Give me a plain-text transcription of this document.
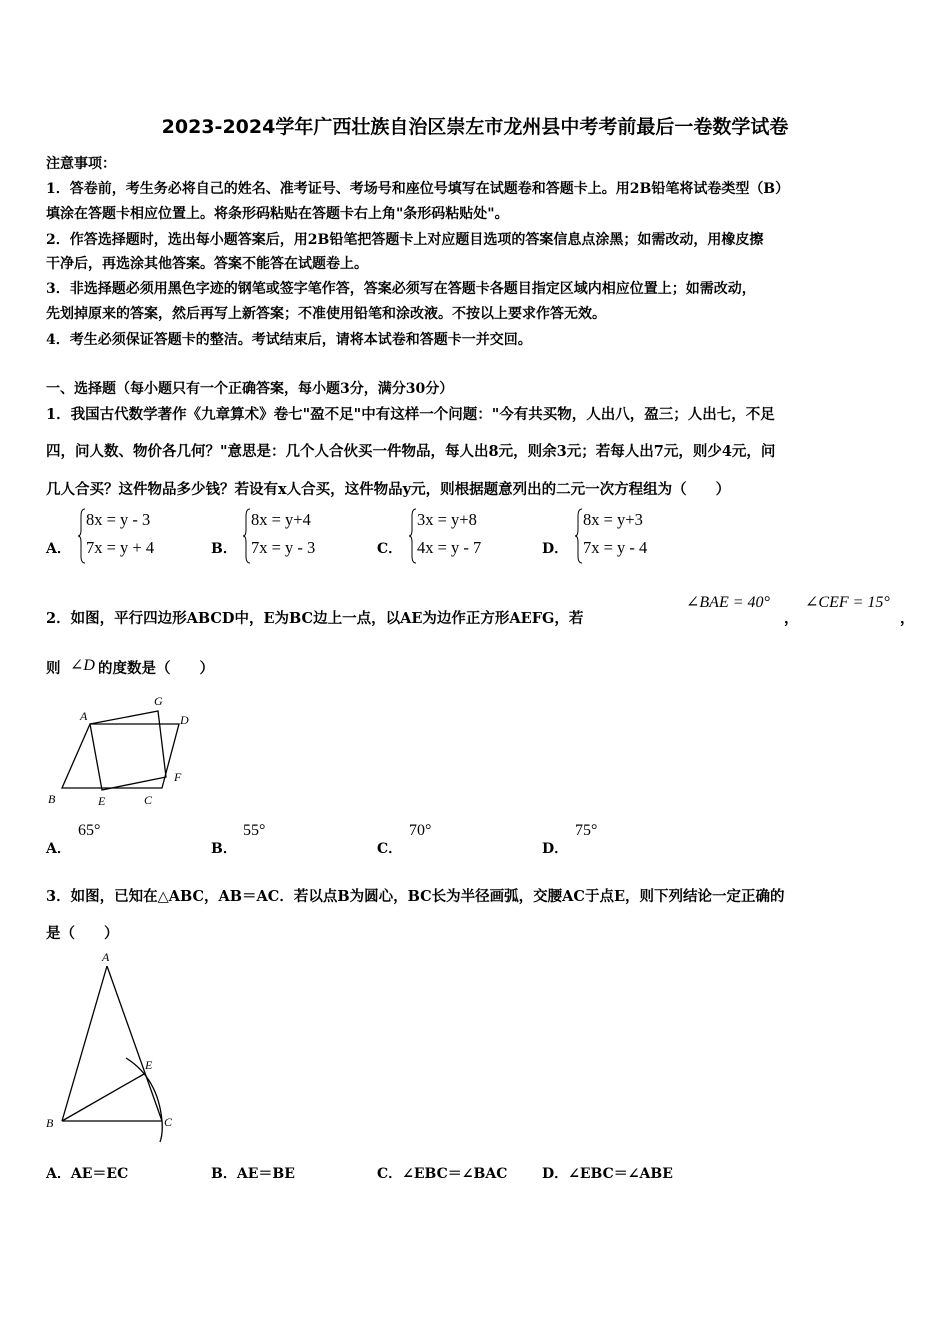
2023-2024学年广西壮族自治区崇左市龙州县中考考前最后一卷数学试卷
注意事项：
1．答卷前，考生务必将自己的姓名、准考证号、考场号和座位号填写在试题卷和答题卡上。用2B铅笔将试卷类型（B）
填涂在答题卡相应位置上。将条形码粘贴在答题卡右上角"条形码粘贴处"。
2．作答选择题时，选出每小题答案后，用2B铅笔把答题卡上对应题目选项的答案信息点涂黑；如需改动，用橡皮擦
干净后，再选涂其他答案。答案不能答在试题卷上。
3．非选择题必须用黑色字迹的钢笔或签字笔作答，答案必须写在答题卡各题目指定区域内相应位置上；如需改动，
先划掉原来的答案，然后再写上新答案；不准使用铅笔和涂改液。不按以上要求作答无效。
4．考生必须保证答题卡的整洁。考试结束后，请将本试卷和答题卡一并交回。
一、选择题（每小题只有一个正确答案，每小题3分，满分30分）
1．我国古代数学著作《九章算术》卷七"盈不足"中有这样一个问题："今有共买物，人出八，盈三；人出七，不足
四，问人数、物价各几何？"意思是：几个人合伙买一件物品，每人出8元，则余3元；若每人出7元，则少4元，问
几人合买？这件物品多少钱？若设有x人合买，这件物品y元，则根据题意列出的二元一次方程组为（　　）
A．
8x = y - 3
7x = y + 4	B．
8x = y+4
7x = y - 3	C．
3x = y+8
4x = y - 7	D．
8x = y+3
7x = y - 4
2．如图，平行四边形ABCD中，E为BC边上一点，以AE为边作正方形AEFG，若
∠BAE = 40°
，
∠CEF = 15°
，
则 ∠D 的度数是（　　）
A
G
D
B	E	C
F
A．
65°
B．
55°
C．
70°
D．
75°
3．如图，已知在△ABC，AB＝AC．若以点B为圆心，BC长为半径画弧，交腰AC于点E，则下列结论一定正确的
是（　　）
A
E
B	C
A．AE＝EC	B．AE＝BE	C．∠EBC＝∠BAC D．∠EBC＝∠ABE
